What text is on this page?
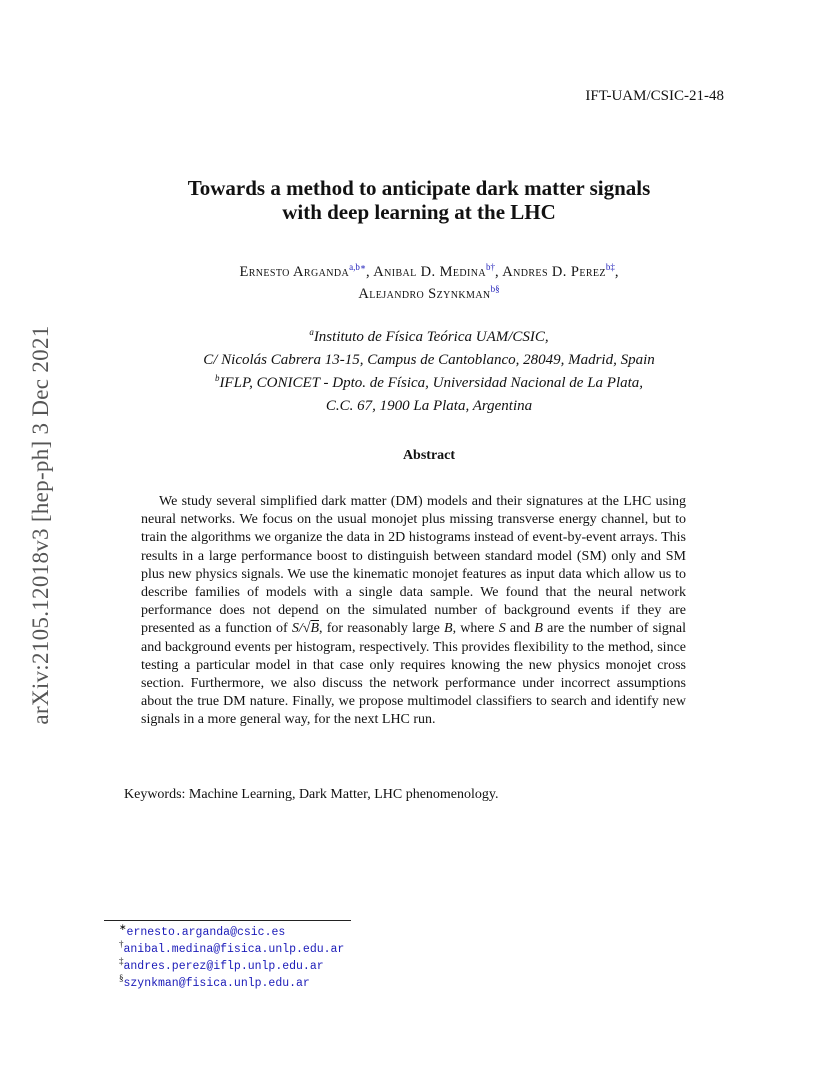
arXiv:2105.12018v3 [hep-ph] 3 Dec 2021
IFT-UAM/CSIC-21-48
Towards a method to anticipate dark matter signals
with deep learning at the LHC
Ernesto Arganda$^{a,b∗}$, Anibal D. Medina$^{b\dagger}$, Andres D. Perez$^{b\ddagger}$,
Alejandro Szynkman$^{b\S}$
$^a$Instituto de Física Teórica UAM/CSIC,
C/ Nicolás Cabrera 13-15, Campus de Cantoblanco, 28049, Madrid, Spain
$^b$IFLP, CONICET - Dpto. de Física, Universidad Nacional de La Plata,
C.C. 67, 1900 La Plata, Argentina
Abstract
We study several simplified dark matter (DM) models and their signatures at the LHC using neural networks. We focus on the usual monojet plus missing transverse energy channel, but to train the algorithms we organize the data in 2D histograms instead of event-by-event arrays. This results in a large performance boost to distinguish between standard model (SM) only and SM plus new physics signals. We use the kinematic monojet features as input data which allow us to describe families of models with a single data sample. We found that the neural network performance does not depend on the simulated number of background events if they are presented as a function of S/√B, for reasonably large B, where S and B are the number of signal and background events per histogram, respectively. This provides flexibility to the method, since testing a particular model in that case only requires knowing the new physics monojet cross section. Furthermore, we also discuss the network performance under incorrect assumptions about the true DM nature. Finally, we propose multimodel classifiers to search and identify new signals in a more general way, for the next LHC run.
Keywords: Machine Learning, Dark Matter, LHC phenomenology.
∗ernesto.arganda@csic.es
†anibal.medina@fisica.unlp.edu.ar
‡andres.perez@iflp.unlp.edu.ar
§szynkman@fisica.unlp.edu.ar
